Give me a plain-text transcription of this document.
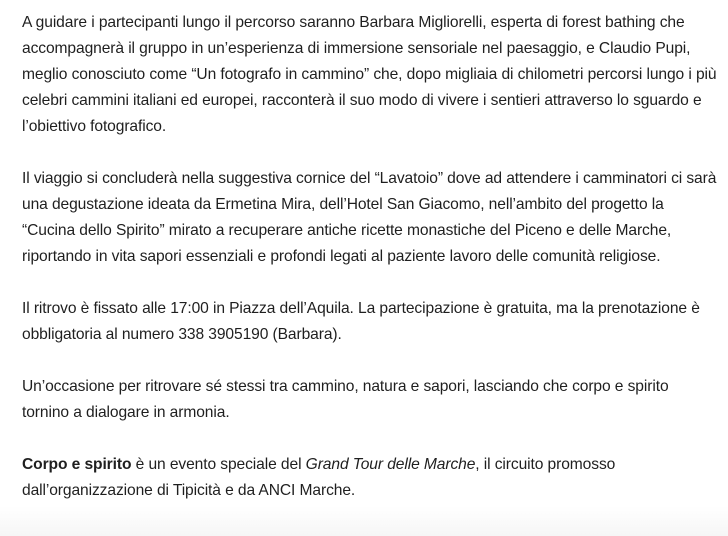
A guidare i partecipanti lungo il percorso saranno Barbara Migliorelli, esperta di forest bathing che accompagnerà il gruppo in un’esperienza di immersione sensoriale nel paesaggio, e Claudio Pupi, meglio conosciuto come “Un fotografo in cammino” che, dopo migliaia di chilometri percorsi lungo i più celebri cammini italiani ed europei, racconterà il suo modo di vivere i sentieri attraverso lo sguardo e l’obiettivo fotografico.

Il viaggio si concluderà nella suggestiva cornice del “Lavatoio” dove ad attendere i camminatori ci sarà una degustazione ideata da Ermetina Mira, dell’Hotel San Giacomo, nell’ambito del progetto la “Cucina dello Spirito” mirato a recuperare antiche ricette monastiche del Piceno e delle Marche, riportando in vita sapori essenziali e profondi legati al paziente lavoro delle comunità religiose.

Il ritrovo è fissato alle 17:00 in Piazza dell’Aquila. La partecipazione è gratuita, ma la prenotazione è obbligatoria al numero 338 3905190 (Barbara).

Un’occasione per ritrovare sé stessi tra cammino, natura e sapori, lasciando che corpo e spirito tornino a dialogare in armonia.

Corpo e spirito è un evento speciale del Grand Tour delle Marche, il circuito promosso dall’organizzazione di Tipicità e da ANCI Marche.
